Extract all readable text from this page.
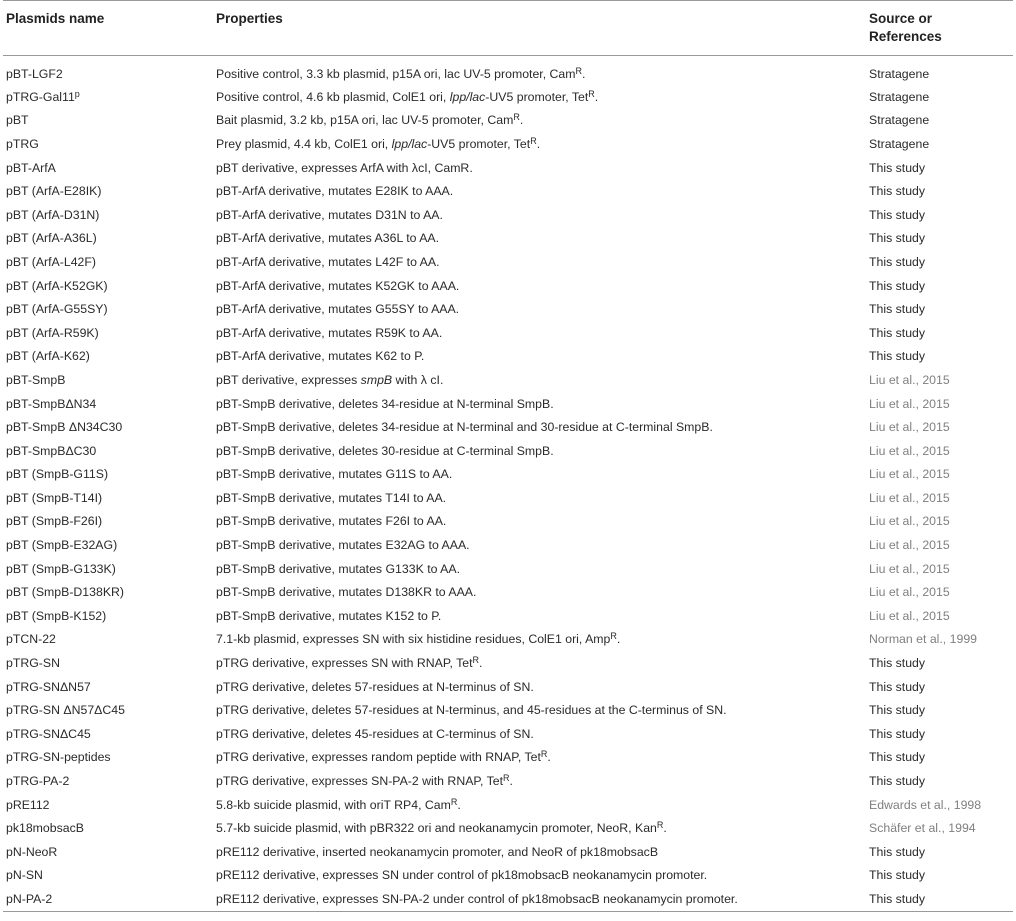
Plasmids name	Properties	Source or
References
pBT-LGF2	Positive control, 3.3 kb plasmid, p15A ori, lac UV-5 promoter, Cam$^R$.	Stratagene
pTRG-Gal11$^p$	Positive control, 4.6 kb plasmid, ColE1 ori, lpp/lac-UV5 promoter, Tet$^R$.	Stratagene
pBT	Bait plasmid, 3.2 kb, p15A ori, lac UV-5 promoter, Cam$^R$.	Stratagene
pTRG	Prey plasmid, 4.4 kb, ColE1 ori, lpp/lac-UV5 promoter, Tet$^R$.	Stratagene
pBT-ArfA	pBT derivative, expresses ArfA with λcI, CamR.	This study
pBT (ArfA-E28IK)	pBT-ArfA derivative, mutates E28IK to AAA.	This study
pBT (ArfA-D31N)	pBT-ArfA derivative, mutates D31N to AA.	This study
pBT (ArfA-A36L)	pBT-ArfA derivative, mutates A36L to AA.	This study
pBT (ArfA-L42F)	pBT-ArfA derivative, mutates L42F to AA.	This study
pBT (ArfA-K52GK)	pBT-ArfA derivative, mutates K52GK to AAA.	This study
pBT (ArfA-G55SY)	pBT-ArfA derivative, mutates G55SY to AAA.	This study
pBT (ArfA-R59K)	pBT-ArfA derivative, mutates R59K to AA.	This study
pBT (ArfA-K62)	pBT-ArfA derivative, mutates K62 to P.	This study
pBT-SmpB	pBT derivative, expresses smpB with λ cI.	Liu et al., 2015
pBT-SmpBΔN34	pBT-SmpB derivative, deletes 34-residue at N-terminal SmpB.	Liu et al., 2015
pBT-SmpB ΔN34C30	pBT-SmpB derivative, deletes 34-residue at N-terminal and 30-residue at C-terminal SmpB.	Liu et al., 2015
pBT-SmpBΔC30	pBT-SmpB derivative, deletes 30-residue at C-terminal SmpB.	Liu et al., 2015
pBT (SmpB-G11S)	pBT-SmpB derivative, mutates G11S to AA.	Liu et al., 2015
pBT (SmpB-T14I)	pBT-SmpB derivative, mutates T14I to AA.	Liu et al., 2015
pBT (SmpB-F26I)	pBT-SmpB derivative, mutates F26I to AA.	Liu et al., 2015
pBT (SmpB-E32AG)	pBT-SmpB derivative, mutates E32AG to AAA.	Liu et al., 2015
pBT (SmpB-G133K)	pBT-SmpB derivative, mutates G133K to AA.	Liu et al., 2015
pBT (SmpB-D138KR)	pBT-SmpB derivative, mutates D138KR to AAA.	Liu et al., 2015
pBT (SmpB-K152)	pBT-SmpB derivative, mutates K152 to P.	Liu et al., 2015
pTCN-22	7.1-kb plasmid, expresses SN with six histidine residues, ColE1 ori, Amp$^R$.	Norman et al., 1999
pTRG-SN	pTRG derivative, expresses SN with RNAP, Tet$^R$.	This study
pTRG-SNΔN57	pTRG derivative, deletes 57-residues at N-terminus of SN.	This study
pTRG-SN ΔN57ΔC45	pTRG derivative, deletes 57-residues at N-terminus, and 45-residues at the C-terminus of SN.	This study
pTRG-SNΔC45	pTRG derivative, deletes 45-residues at C-terminus of SN.	This study
pTRG-SN-peptides	pTRG derivative, expresses random peptide with RNAP, Tet$^R$.	This study
pTRG-PA-2	pTRG derivative, expresses SN-PA-2 with RNAP, Tet$^R$.	This study
pRE112	5.8-kb suicide plasmid, with oriT RP4, Cam$^R$.	Edwards et al., 1998
pk18mobsacB	5.7-kb suicide plasmid, with pBR322 ori and neokanamycin promoter, NeoR, Kan$^R$.	Schäfer et al., 1994
pN-NeoR	pRE112 derivative, inserted neokanamycin promoter, and NeoR of pk18mobsacB	This study
pN-SN	pRE112 derivative, expresses SN under control of pk18mobsacB neokanamycin promoter.	This study
pN-PA-2	pRE112 derivative, expresses SN-PA-2 under control of pk18mobsacB neokanamycin promoter.	This study
